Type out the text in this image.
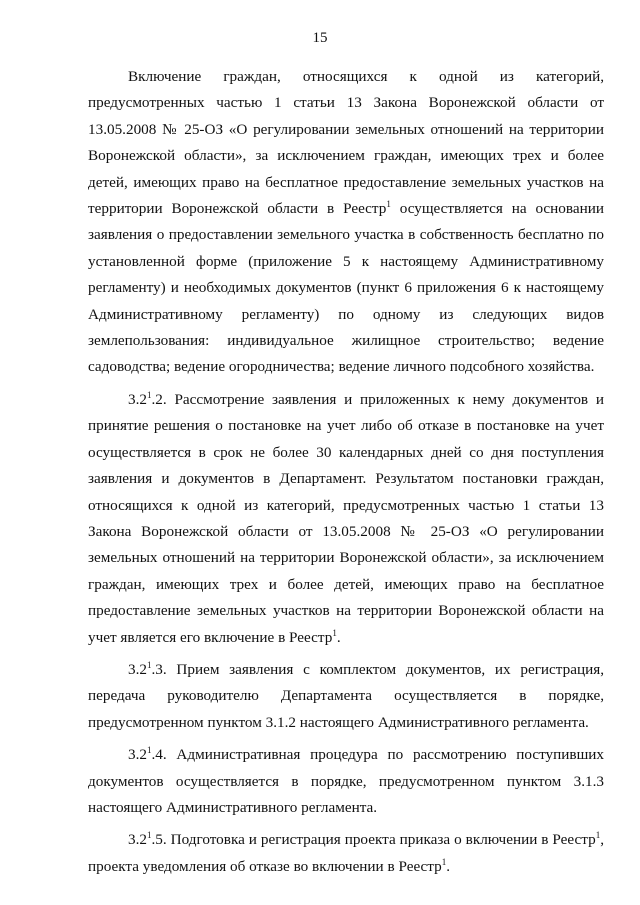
15

Включение граждан, относящихся к одной из категорий, предусмотренных частью 1 статьи 13 Закона Воронежской области от 13.05.2008 № 25-ОЗ «О регулировании земельных отношений на территории Воронежской области», за исключением граждан, имеющих трех и более детей, имеющих право на бесплатное предоставление земельных участков на территории Воронежской области в Реестр$^1$ осуществляется на основании заявления о предоставлении земельного участка в собственность бесплатно по установленной форме (приложение 5 к настоящему Административному регламенту) и необходимых документов (пункт 6 приложения 6 к настоящему Административному регламенту) по одному из следующих видов землепользования: индивидуальное жилищное строительство; ведение садоводства; ведение огородничества; ведение личного подсобного хозяйства.

$3.2^1.2$. Рассмотрение заявления и приложенных к нему документов и принятие решения о постановке на учет либо об отказе в постановке на учет осуществляется в срок не более 30 календарных дней со дня поступления заявления и документов в Департамент. Результатом постановки граждан, относящихся к одной из категорий, предусмотренных частью 1 статьи 13 Закона Воронежской области от 13.05.2008 № 25-ОЗ «О регулировании земельных отношений на территории Воронежской области», за исключением граждан, имеющих трех и более детей, имеющих право на бесплатное предоставление земельных участков на территории Воронежской области на учет является его включение в Реестр$^1$.

$3.2^1.3$. Прием заявления с комплектом документов, их регистрация, передача руководителю Департамента осуществляется в порядке, предусмотренном пунктом 3.1.2 настоящего Административного регламента.

$3.2^1.4$. Административная процедура по рассмотрению поступивших документов осуществляется в порядке, предусмотренном пунктом 3.1.3 настоящего Административного регламента.

$3.2^1.5$. Подготовка и регистрация проекта приказа о включении в Реестр$^1$, проекта уведомления об отказе во включении в Реестр$^1$.
